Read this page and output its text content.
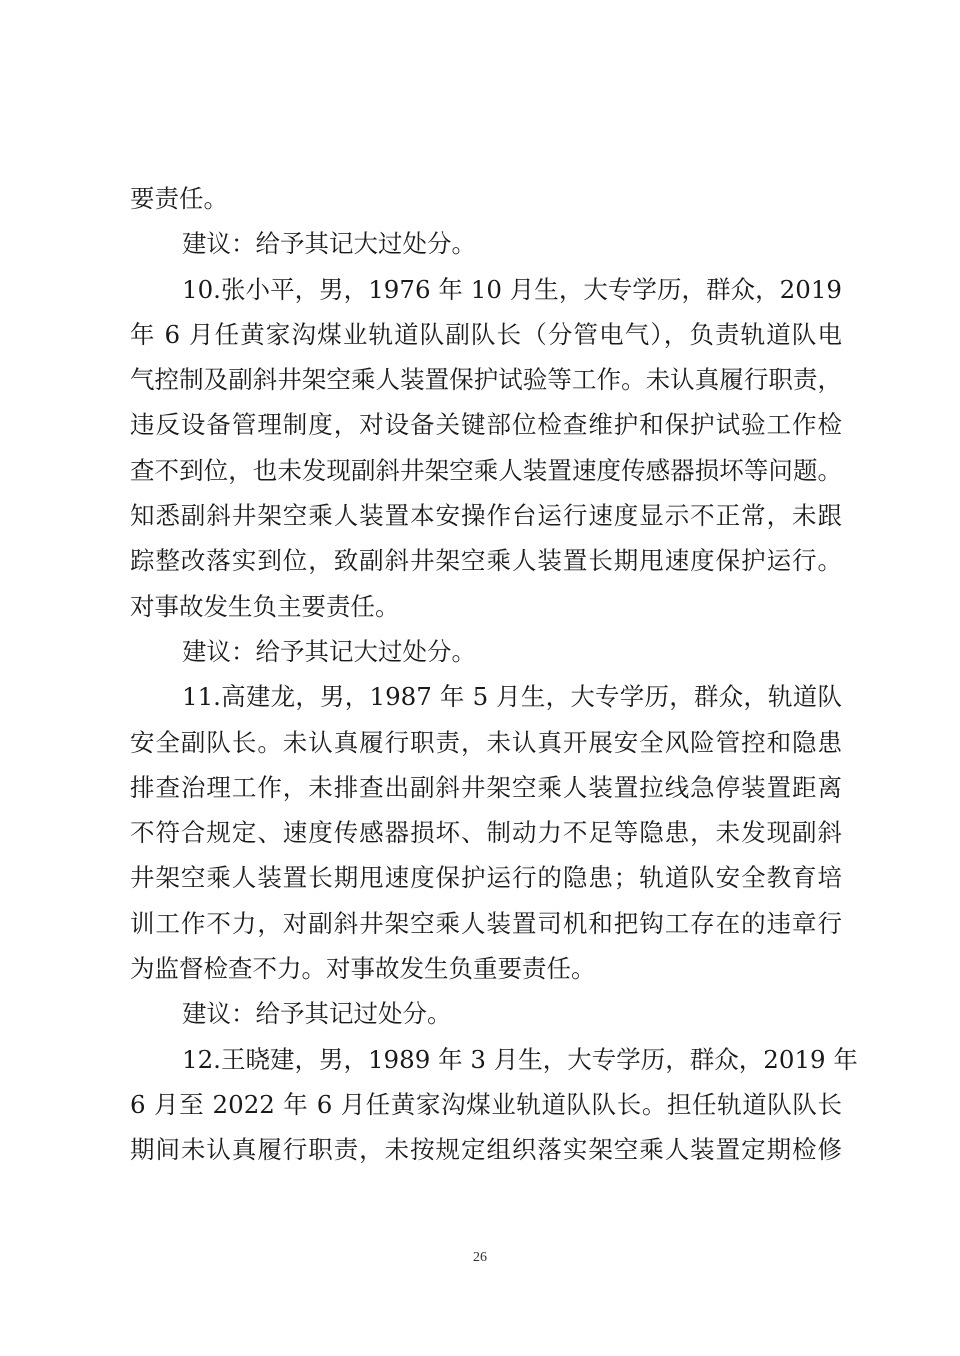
要责任。
建议：给予其记大过处分。
10.张小平，男，1976 年 10 月生，大专学历，群众，2019
年 6 月任黄家沟煤业轨道队副队长（分管电气），负责轨道队电
气控制及副斜井架空乘人装置保护试验等工作。未认真履行职责，
违反设备管理制度，对设备关键部位检查维护和保护试验工作检
查不到位，也未发现副斜井架空乘人装置速度传感器损坏等问题。
知悉副斜井架空乘人装置本安操作台运行速度显示不正常，未跟
踪整改落实到位，致副斜井架空乘人装置长期甩速度保护运行。
对事故发生负主要责任。
建议：给予其记大过处分。
11.高建龙，男，1987 年 5 月生，大专学历，群众，轨道队
安全副队长。未认真履行职责，未认真开展安全风险管控和隐患
排查治理工作，未排查出副斜井架空乘人装置拉线急停装置距离
不符合规定、速度传感器损坏、制动力不足等隐患，未发现副斜
井架空乘人装置长期甩速度保护运行的隐患；轨道队安全教育培
训工作不力，对副斜井架空乘人装置司机和把钩工存在的违章行
为监督检查不力。对事故发生负重要责任。
建议：给予其记过处分。
12.王晓建，男，1989 年 3 月生，大专学历，群众，2019 年
6 月至 2022 年 6 月任黄家沟煤业轨道队队长。担任轨道队队长
期间未认真履行职责，未按规定组织落实架空乘人装置定期检修
26
